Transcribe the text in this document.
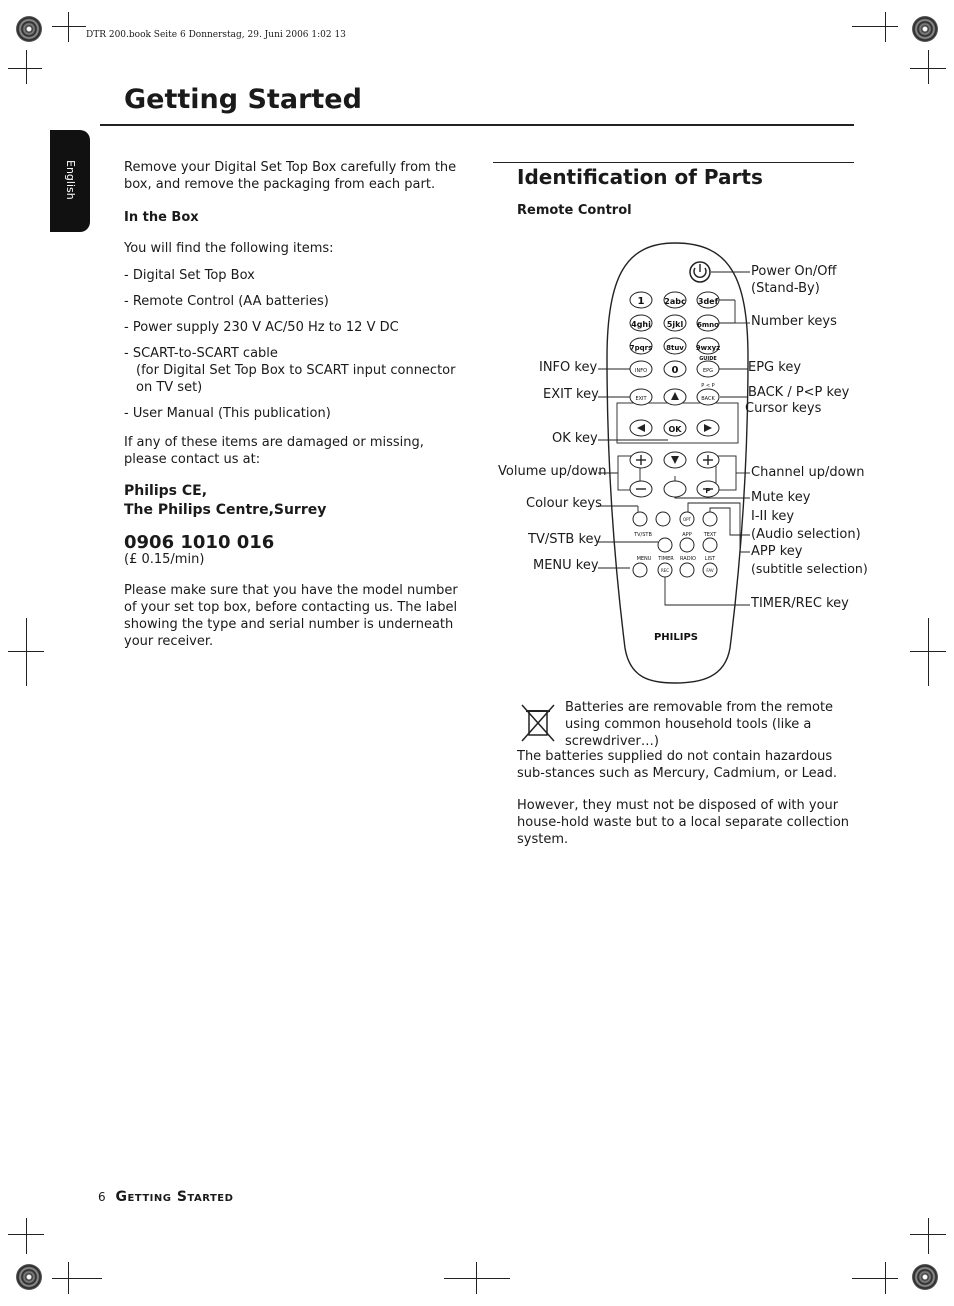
DTR 200.book Seite 6 Donnerstag, 29. Juni 2006 1:02 13
Getting Started
English	Remove your Digital Set Top Box carefully from the box, and remove the packaging from each part.

In the Box

You will find the following items:

- Digital Set Top Box
- Remote Control (AA batteries)
- Power supply 230 V AC/50 Hz to 12 V DC
- SCART-to-SCART cable
(for Digital Set Top Box to SCART input connector on TV set)
- User Manual (This publication)

If any of these items are damaged or missing,

please contact us at:

Philips CE,

The Philips Centre,Surrey

0906 1010 016

(£ 0.15/min)

Please make sure that you have the model number of your set top box, before contacting us. The label showing the type and serial number is underneath your receiver.

Identification of Parts
Remote Control
1 2abc 3def
4ghi 5jkl 6mno
7pqrs 8tuv 9wxyz
0
GUIDE
INFO	EPG
P < P
EXIT	BACK
OK
P
OPT
TV/STB	APP TEXT
MENU TIMER RADIO LIST
REC	FAV
PHILIPS
Power On/Off
(Stand-By)
Number keys
INFO key	EPG key
EXIT key	BACK / P<P key
Cursor keys
OK key
Volume up/down	Channel up/down
Mute key
Colour keys
I-II key
(Audio selection)
TV/STB key
APP key
MENU key	(subtitle selection)
TIMER/REC key
Batteries are removable from the remote using common household tools (like a screwdriver…)
The batteries supplied do not contain hazardous sub-stances such as Mercury, Cadmium, or Lead.
However, they must not be disposed of with your house-hold waste but to a local separate collection system.
6 Getting Started
